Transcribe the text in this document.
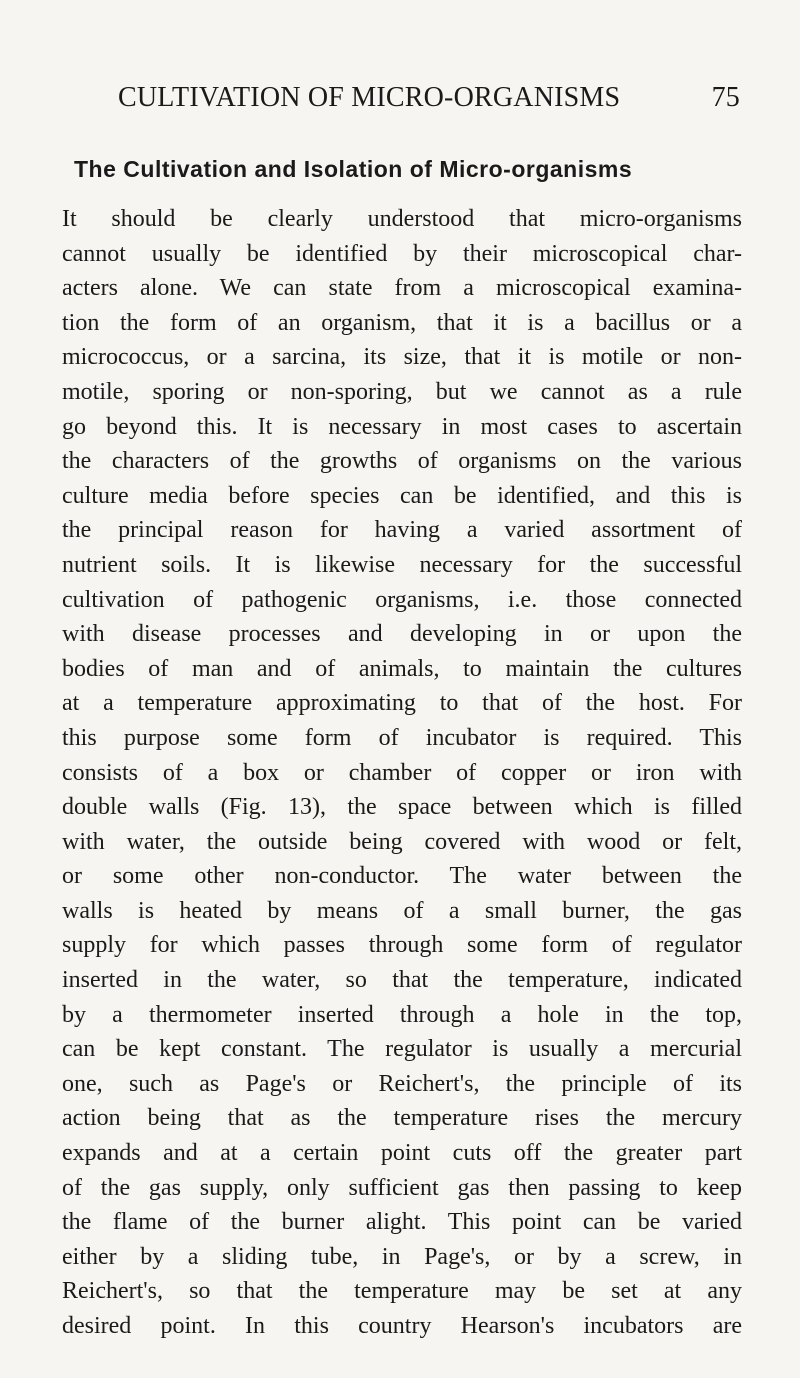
CULTIVATION OF MICRO-ORGANISMS	75
The Cultivation and Isolation of Micro-organisms
It should be clearly understood that micro-organisms
cannot usually be identified by their microscopical char-
acters alone. We can state from a microscopical examina-
tion the form of an organism, that it is a bacillus or a
micrococcus, or a sarcina, its size, that it is motile or non-
motile, sporing or non-sporing, but we cannot as a rule
go beyond this. It is necessary in most cases to ascertain
the characters of the growths of organisms on the various
culture media before species can be identified, and this is
the principal reason for having a varied assortment of
nutrient soils. It is likewise necessary for the successful
cultivation of pathogenic organisms, i.e. those connected
with disease processes and developing in or upon the
bodies of man and of animals, to maintain the cultures
at a temperature approximating to that of the host. For
this purpose some form of incubator is required. This
consists of a box or chamber of copper or iron with
double walls (Fig. 13), the space between which is filled
with water, the outside being covered with wood or felt,
or some other non-conductor. The water between the
walls is heated by means of a small burner, the gas
supply for which passes through some form of regulator
inserted in the water, so that the temperature, indicated
by a thermometer inserted through a hole in the top,
can be kept constant. The regulator is usually a mercurial
one, such as Page's or Reichert's, the principle of its
action being that as the temperature rises the mercury
expands and at a certain point cuts off the greater part
of the gas supply, only sufficient gas then passing to keep
the flame of the burner alight. This point can be varied
either by a sliding tube, in Page's, or by a screw, in
Reichert's, so that the temperature may be set at any
desired point. In this country Hearson's incubators are
